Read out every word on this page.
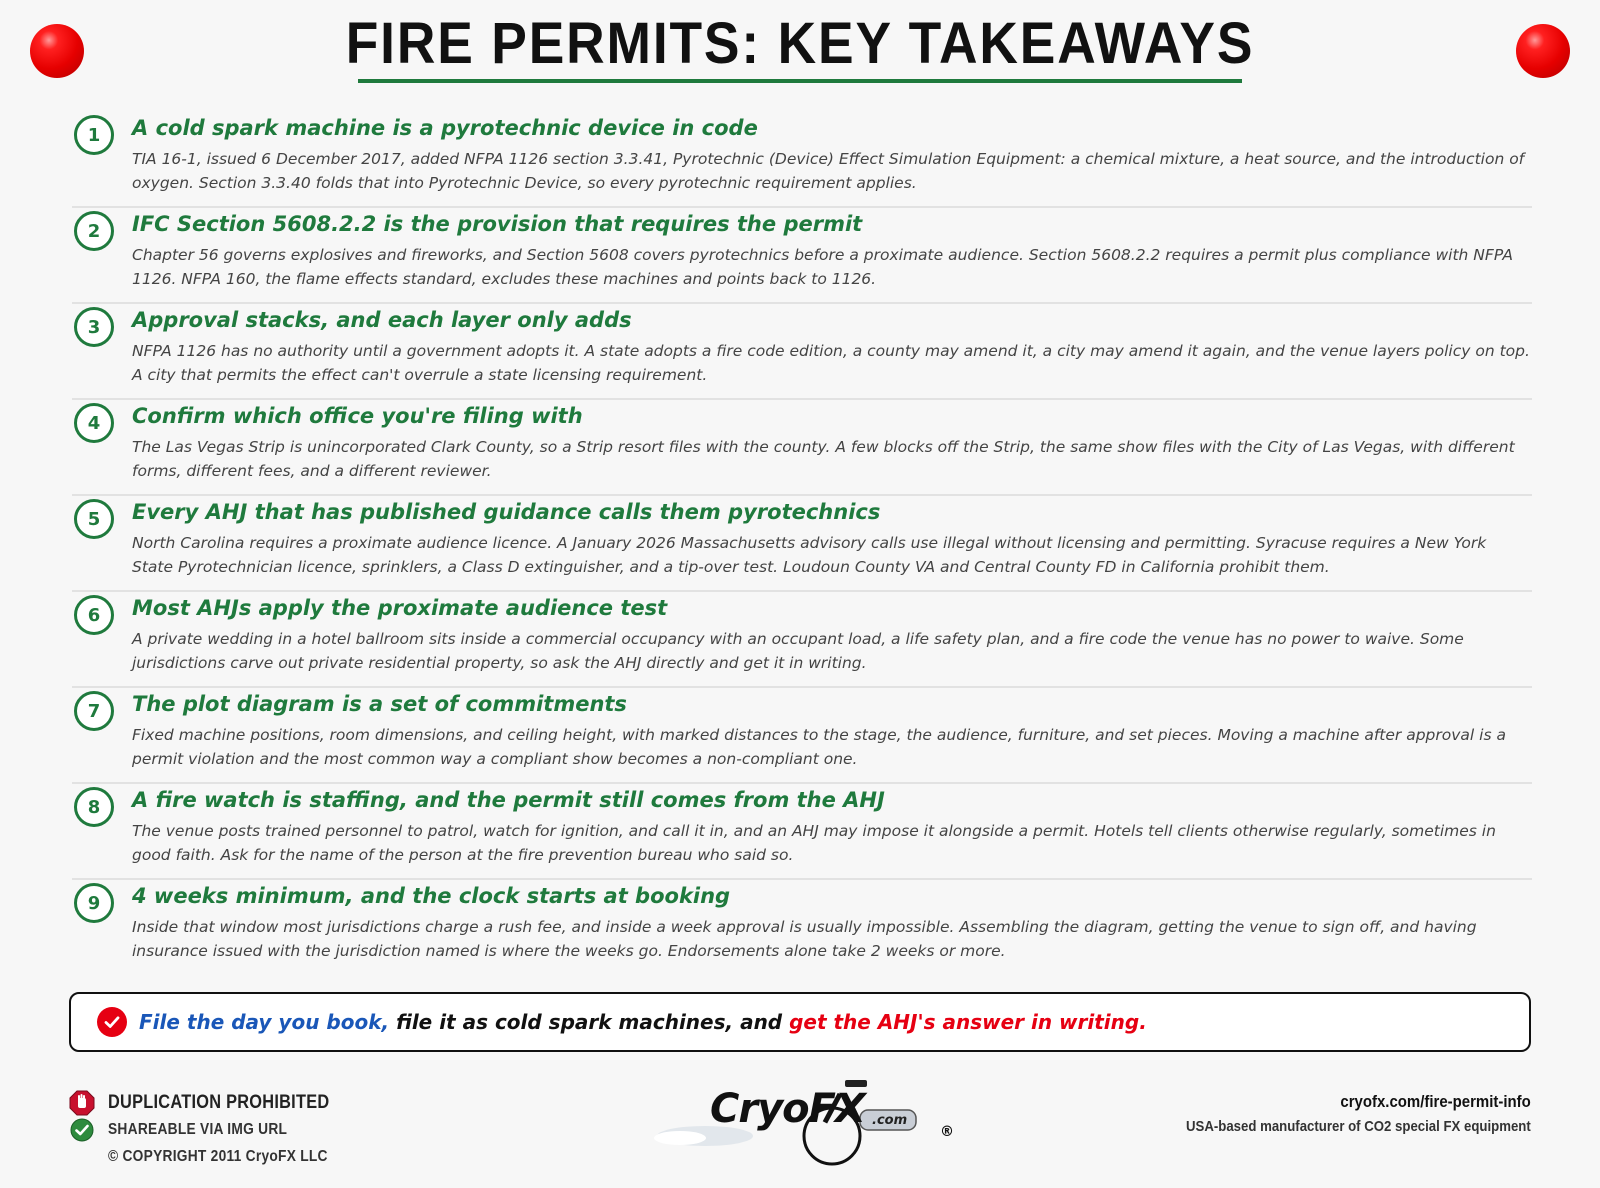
FIRE PERMITS: KEY TAKEAWAYS
1	A cold spark machine is a pyrotechnic device in code
TIA 16-1, issued 6 December 2017, added NFPA 1126 section 3.3.41, Pyrotechnic (Device) Effect Simulation Equipment: a chemical mixture, a heat source, and the introduction of oxygen. Section 3.3.40 folds that into Pyrotechnic Device, so every pyrotechnic requirement applies.
2	IFC Section 5608.2.2 is the provision that requires the permit
Chapter 56 governs explosives and fireworks, and Section 5608 covers pyrotechnics before a proximate audience. Section 5608.2.2 requires a permit plus compliance with NFPA 1126. NFPA 160, the flame effects standard, excludes these machines and points back to 1126.
3	Approval stacks, and each layer only adds
NFPA 1126 has no authority until a government adopts it. A state adopts a fire code edition, a county may amend it, a city may amend it again, and the venue layers policy on top. A city that permits the effect can't overrule a state licensing requirement.
4	Confirm which office you're filing with
The Las Vegas Strip is unincorporated Clark County, so a Strip resort files with the county. A few blocks off the Strip, the same show files with the City of Las Vegas, with different forms, different fees, and a different reviewer.
5	Every AHJ that has published guidance calls them pyrotechnics
North Carolina requires a proximate audience licence. A January 2026 Massachusetts advisory calls use illegal without licensing and permitting. Syracuse requires a New York State Pyrotechnician licence, sprinklers, a Class D extinguisher, and a tip-over test. Loudoun County VA and Central County FD in California prohibit them.
6	Most AHJs apply the proximate audience test
A private wedding in a hotel ballroom sits inside a commercial occupancy with an occupant load, a life safety plan, and a fire code the venue has no power to waive. Some jurisdictions carve out private residential property, so ask the AHJ directly and get it in writing.
7	The plot diagram is a set of commitments
Fixed machine positions, room dimensions, and ceiling height, with marked distances to the stage, the audience, furniture, and set pieces. Moving a machine after approval is a permit violation and the most common way a compliant show becomes a non-compliant one.
8	A fire watch is staffing, and the permit still comes from the AHJ
The venue posts trained personnel to patrol, watch for ignition, and call it in, and an AHJ may impose it alongside a permit. Hotels tell clients otherwise regularly, sometimes in good faith. Ask for the name of the person at the fire prevention bureau who said so.
9	4 weeks minimum, and the clock starts at booking
Inside that window most jurisdictions charge a rush fee, and inside a week approval is usually impossible. Assembling the diagram, getting the venue to sign off, and having insurance issued with the jurisdiction named is where the weeks go. Endorsements alone take 2 weeks or more.
File the day you book, file it as cold spark machines, and get the AHJ's answer in writing.
DUPLICATION PROHIBITED
SHAREABLE VIA IMG URL
© COPYRIGHT 2011 CryoFX LLC
CryoFX .com
®
cryofx.com/fire-permit-info
USA-based manufacturer of CO2 special FX equipment
